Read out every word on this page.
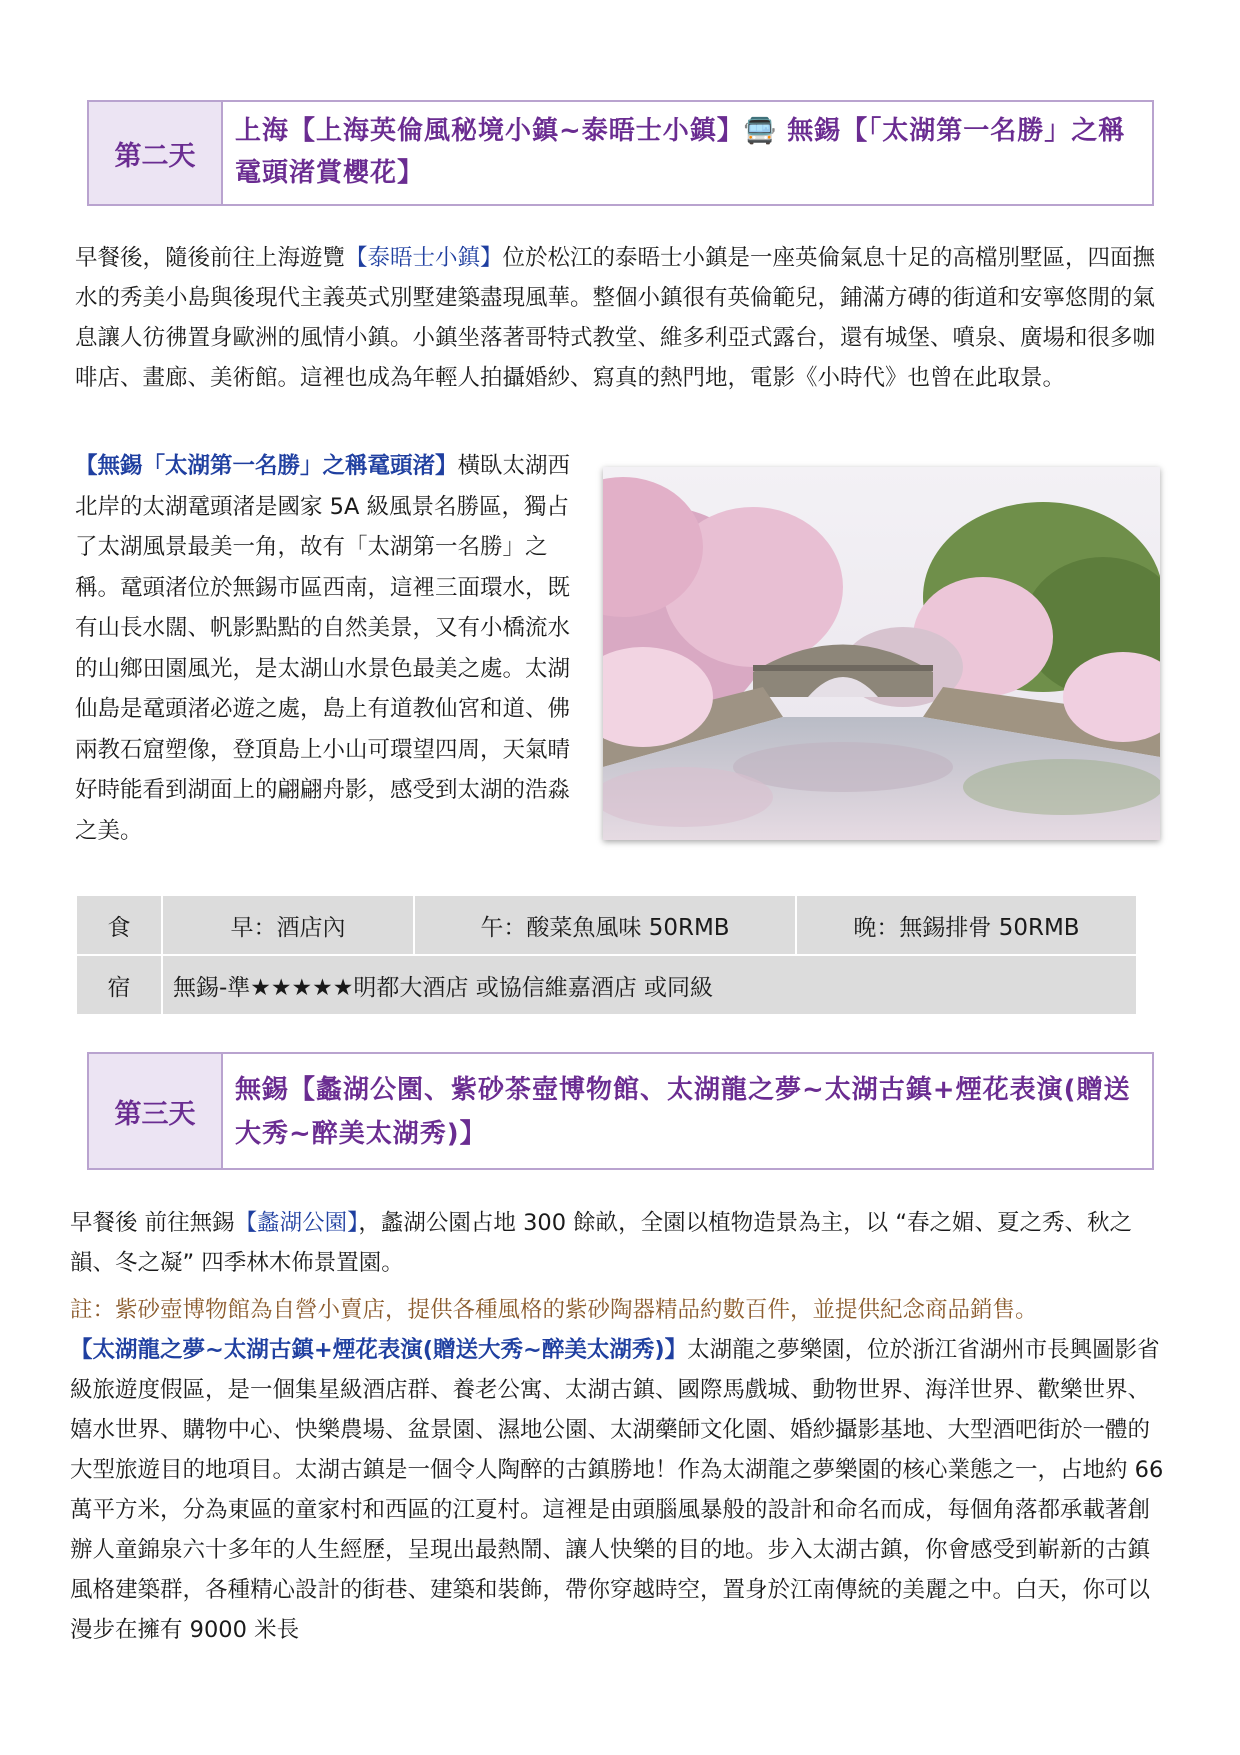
第二天
上海【上海英倫風秘境小鎮~泰晤士小鎮】🚍 無錫【「太湖第一名勝」之稱鼋頭渚賞櫻花】

早餐後，隨後前往上海遊覽【泰晤士小鎮】位於松江的泰晤士小鎮是一座英倫氣息十足的高檔別墅區，四面撫水的秀美小島與後現代主義英式別墅建築盡現風華。整個小鎮很有英倫範兒，鋪滿方磚的街道和安寧悠閒的氣息讓人彷彿置身歐洲的風情小鎮。小鎮坐落著哥特式教堂、維多利亞式露台，還有城堡、噴泉、廣場和很多咖啡店、畫廊、美術館。這裡也成為年輕人拍攝婚紗、寫真的熱門地，電影《小時代》也曾在此取景。

【無錫「太湖第一名勝」之稱鼋頭渚】橫臥太湖西北岸的太湖鼋頭渚是國家 5A 級風景名勝區，獨占了太湖風景最美一角，故有「太湖第一名勝」之稱。鼋頭渚位於無錫市區西南，這裡三面環水，既有山長水闊、帆影點點的自然美景，又有小橋流水的山鄉田園風光，是太湖山水景色最美之處。太湖仙島是鼋頭渚必遊之處，島上有道教仙宮和道、佛兩教石窟塑像，登頂島上小山可環望四周，天氣晴好時能看到湖面上的翩翩舟影，感受到太湖的浩淼之美。

食	早：酒店內	午：酸菜魚風味 50RMB	晚：無錫排骨 50RMB
宿	無錫-準★★★★★明都大酒店 或協信維嘉酒店 或同級		
第三天
無錫【蠡湖公園、紫砂茶壺博物館、太湖龍之夢~太湖古鎮+煙花表演(贈送大秀~醉美太湖秀)】

早餐後 前往無錫【蠡湖公園】，蠡湖公園占地 300 餘畝，全園以植物造景為主，以 “春之媚、夏之秀、秋之韻、冬之凝” 四季林木佈景置園。

註：紫砂壺博物館為自營小賣店，提供各種風格的紫砂陶器精品約數百件，並提供紀念商品銷售。

【太湖龍之夢~太湖古鎮+煙花表演(贈送大秀~醉美太湖秀)】太湖龍之夢樂園，位於浙江省湖州市長興圖影省級旅遊度假區，是一個集星級酒店群、養老公寓、太湖古鎮、國際馬戲城、動物世界、海洋世界、歡樂世界、嬉水世界、購物中心、快樂農場、盆景園、濕地公園、太湖藥師文化園、婚紗攝影基地、大型酒吧街於一體的大型旅遊目的地項目。太湖古鎮是一個令人陶醉的古鎮勝地！作為太湖龍之夢樂園的核心業態之一，占地約 66 萬平方米，分為東區的童家村和西區的江夏村。這裡是由頭腦風暴般的設計和命名而成，每個角落都承載著創辦人童錦泉六十多年的人生經歷，呈現出最熱鬧、讓人快樂的目的地。步入太湖古鎮，你會感受到嶄新的古鎮風格建築群，各種精心設計的街巷、建築和裝飾，帶你穿越時空，置身於江南傳統的美麗之中。白天，你可以漫步在擁有 9000 米長
